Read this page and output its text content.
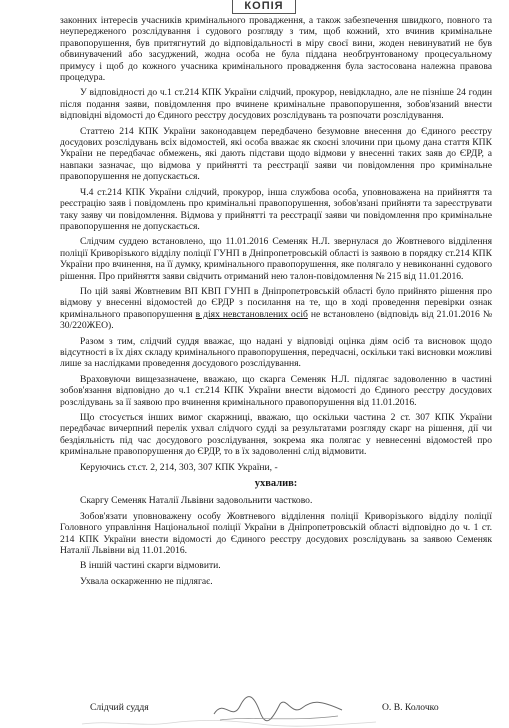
КОПІЯ

законних інтересів учасників кримінального провадження, а також забезпечення швидкого, повного та неупередженого розслідування і судового розгляду з тим, щоб кожний, хто вчинив кримінальне правопорушення, був притягнутий до відповідальності в міру своєї вини, жоден невинуватий не був обвинувачений або засуджений, жодна особа не була піддана необґрунтованому процесуальному примусу і щоб до кожного учасника кримінального провадження була застосована належна правова процедура.

У відповідності до ч.1 ст.214 КПК України слідчий, прокурор, невідкладно, але не пізніше 24 годин після подання заяви, повідомлення про вчинене кримінальне правопорушення, зобов'язаний внести відповідні відомості до Єдиного реєстру досудових розслідувань та розпочати розслідування.

Статтею 214 КПК України законодавцем передбачено безумовне внесення до Єдиного реєстру досудових розслідувань всіх відомостей, які особа вважає як скоєні злочини при цьому дана стаття КПК України не передбачає обмежень, які дають підстави щодо відмови у внесенні таких заяв до ЄРДР, а навпаки зазначає, що відмова у прийнятті та реєстрації заяви чи повідомлення про кримінальне правопорушення не допускається.

Ч.4 ст.214 КПК України слідчий, прокурор, інша службова особа, уповноважена на прийняття та реєстрацію заяв і повідомлень про кримінальні правопорушення, зобов'язані прийняти та зареєструвати таку заяву чи повідомлення. Відмова у прийнятті та реєстрації заяви чи повідомлення про кримінальне правопорушення не допускається.

Слідчим суддею встановлено, що 11.01.2016 Семеняк Н.Л. звернулася до Жовтневого відділення поліції Криворізького відділу поліції ГУНП в Дніпропетровській області із заявою в порядку ст.214 КПК України про вчинення, на її думку, кримінального правопорушення, яке полягало у невиконанні судового рішення. Про прийняття заяви свідчить отриманий нею талон-повідомлення № 215 від 11.01.2016.

По цій заяві Жовтневим ВП КВП ГУНП в Дніпропетровській області було прийнято рішення про відмову у внесенні відомостей до ЄРДР з посилання на те, що в ході проведення перевірки ознак кримінального правопорушення в діях невстановлених осіб не встановлено (відповідь від 21.01.2016 № 30/220ЖЕО).

Разом з тим, слідчий суддя вважає, що надані у відповіді оцінка діям осіб та висновок щодо відсутності в їх діях складу кримінального правопорушення, передчасні, оскільки такі висновки можливі лише за наслідками проведення досудового розслідування.

Враховуючи вищезазначене, вважаю, що скарга Семеняк Н.Л. підлягає задоволенню в частині зобов'язання відповідно до ч.1 ст.214 КПК України внести відомості до Єдиного реєстру досудових розслідувань за її заявою про вчинення кримінального правопорушення від 11.01.2016.

Що стосується інших вимог скаржниці, вважаю, що оскільки частина 2 ст. 307 КПК України передбачає вичерпний перелік ухвал слідчого судді за результатами розгляду скарг на рішення, дії чи бездіяльність під час досудового розслідування, зокрема яка полягає у невнесенні відомостей про кримінальне правопорушення до ЄРДР, то в їх задоволенні слід відмовити.

Керуючись ст.ст. 2, 214, 303, 307 КПК України, -

ухвалив:

Скаргу Семеняк Наталії Львівни задовольнити частково.

Зобов'язати уповноважену особу Жовтневого відділення поліції Криворізького відділу поліції Головного управління Національної поліції України в Дніпропетровській області відповідно до ч. 1 ст. 214 КПК України внести відомості до Єдиного реєстру досудових розслідувань за заявою Семеняк Наталії Львівни від 11.01.2016.

В іншій частині скарги відмовити.

Ухвала оскарженню не підлягає.

Слідчий суддя	О. В. Колочко
